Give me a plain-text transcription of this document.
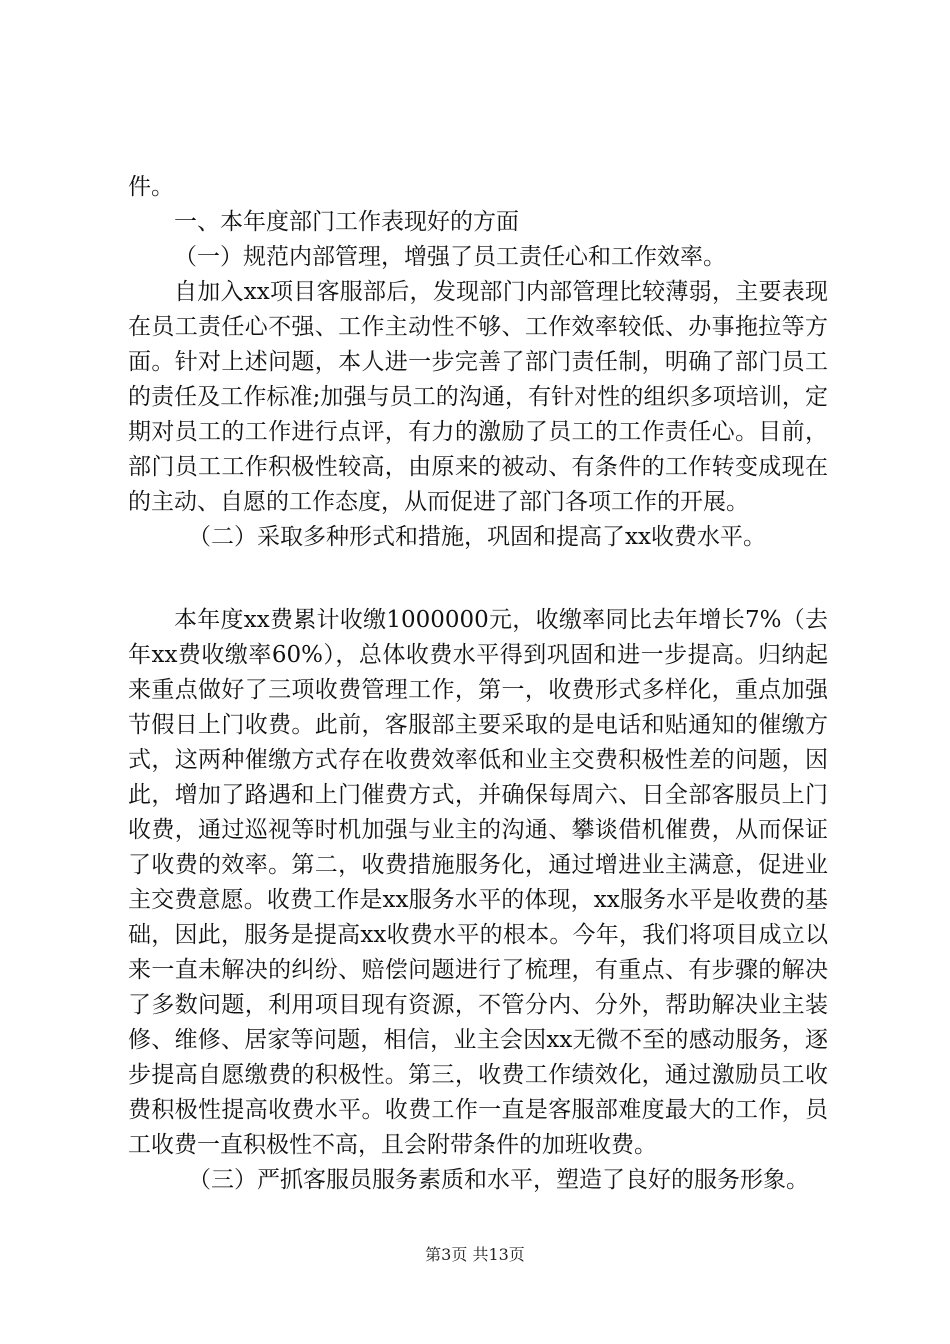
件。

一、本年度部门工作表现好的方面

（一）规范内部管理，增强了员工责任心和工作效率。

自加入xx项目客服部后，发现部门内部管理比较薄弱，主要表现在员工责任心不强、工作主动性不够、工作效率较低、办事拖拉等方面。针对上述问题，本人进一步完善了部门责任制，明确了部门员工的责任及工作标准;加强与员工的沟通，有针对性的组织多项培训，定期对员工的工作进行点评，有力的激励了员工的工作责任心。目前，部门员工工作积极性较高，由原来的被动、有条件的工作转变成现在的主动、自愿的工作态度，从而促进了部门各项工作的开展。

（二）采取多种形式和措施，巩固和提高了xx收费水平。

本年度xx费累计收缴1000000元，收缴率同比去年增长7%（去年xx费收缴率60%），总体收费水平得到巩固和进一步提高。归纳起来重点做好了三项收费管理工作，第一，收费形式多样化，重点加强节假日上门收费。此前，客服部主要采取的是电话和贴通知的催缴方式，这两种催缴方式存在收费效率低和业主交费积极性差的问题，因此，增加了路遇和上门催费方式，并确保每周六、日全部客服员上门收费，通过巡视等时机加强与业主的沟通、攀谈借机催费，从而保证了收费的效率。第二，收费措施服务化，通过增进业主满意，促进业主交费意愿。收费工作是xx服务水平的体现，xx服务水平是收费的基础，因此，服务是提高xx收费水平的根本。今年，我们将项目成立以来一直未解决的纠纷、赔偿问题进行了梳理，有重点、有步骤的解决了多数问题，利用项目现有资源，不管分内、分外，帮助解决业主装修、维修、居家等问题，相信，业主会因xx无微不至的感动服务，逐步提高自愿缴费的积极性。第三，收费工作绩效化，通过激励员工收费积极性提高收费水平。收费工作一直是客服部难度最大的工作，员工收费一直积极性不高，且会附带条件的加班收费。

（三）严抓客服员服务素质和水平，塑造了良好的服务形象。

第3页 共13页
